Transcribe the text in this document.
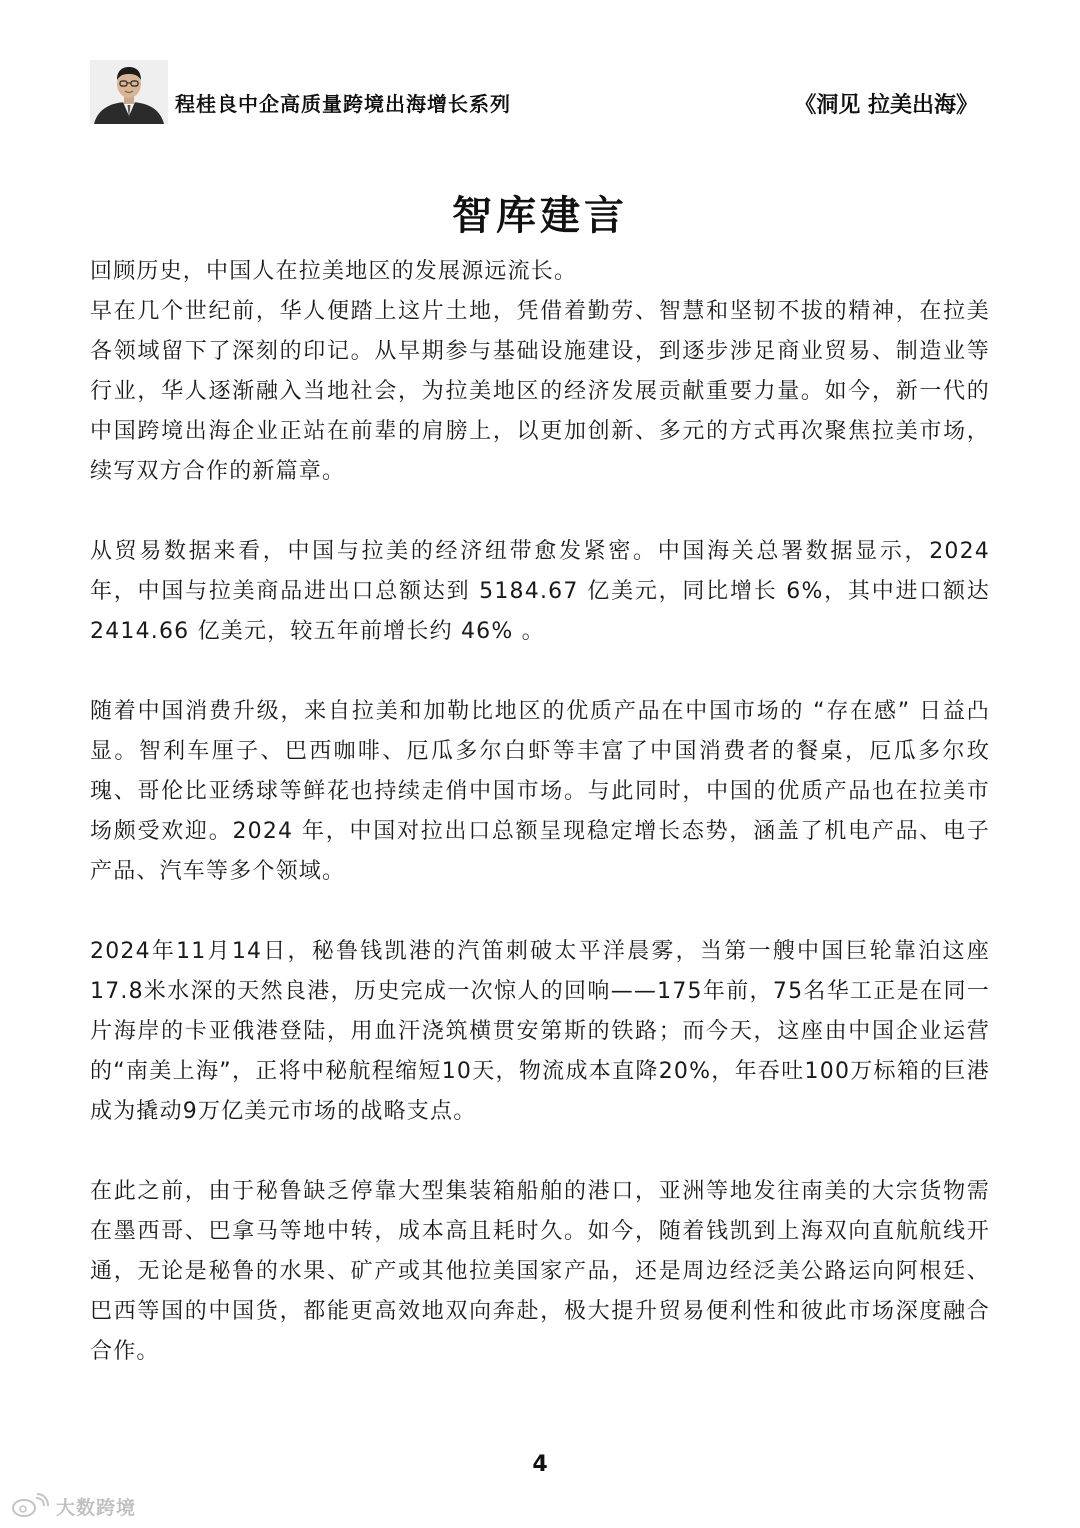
程桂良中企高质量跨境出海增长系列	《洞见 拉美出海》
智库建言

回顾历史，中国人在拉美地区的发展源远流长。

早在几个世纪前，华人便踏上这片土地，凭借着勤劳、智慧和坚韧不拔的精神，在拉美各领域留下了深刻的印记。从早期参与基础设施建设，到逐步涉足商业贸易、制造业等行业，华人逐渐融入当地社会，为拉美地区的经济发展贡献重要力量。如今，新一代的中国跨境出海企业正站在前辈的肩膀上，以更加创新、多元的方式再次聚焦拉美市场，续写双方合作的新篇章。

从贸易数据来看，中国与拉美的经济纽带愈发紧密。中国海关总署数据显示，2024 年，中国与拉美商品进出口总额达到 5184.67 亿美元，同比增长 6%，其中进口额达 2414.66 亿美元，较五年前增长约 46% 。

随着中国消费升级，来自拉美和加勒比地区的优质产品在中国市场的 “存在感” 日益凸显。智利车厘子、巴西咖啡、厄瓜多尔白虾等丰富了中国消费者的餐桌，厄瓜多尔玫瑰、哥伦比亚绣球等鲜花也持续走俏中国市场。与此同时，中国的优质产品也在拉美市场颇受欢迎。2024 年，中国对拉出口总额呈现稳定增长态势，涵盖了机电产品、电子产品、汽车等多个领域。

2024年11月14日，秘鲁钱凯港的汽笛刺破太平洋晨雾，当第一艘中国巨轮靠泊这座17.8米水深的天然良港，历史完成一次惊人的回响——175年前，75名华工正是在同一片海岸的卡亚俄港登陆，用血汗浇筑横贯安第斯的铁路；而今天，这座由中国企业运营的“南美上海”，正将中秘航程缩短10天，物流成本直降20%，年吞吐100万标箱的巨港成为撬动9万亿美元市场的战略支点。

在此之前，由于秘鲁缺乏停靠大型集装箱船舶的港口，亚洲等地发往南美的大宗货物需在墨西哥、巴拿马等地中转，成本高且耗时久。如今，随着钱凯到上海双向直航航线开通，无论是秘鲁的水果、矿产或其他拉美国家产品，还是周边经泛美公路运向阿根廷、巴西等国的中国货，都能更高效地双向奔赴，极大提升贸易便利性和彼此市场深度融合合作。

4
大数跨境
